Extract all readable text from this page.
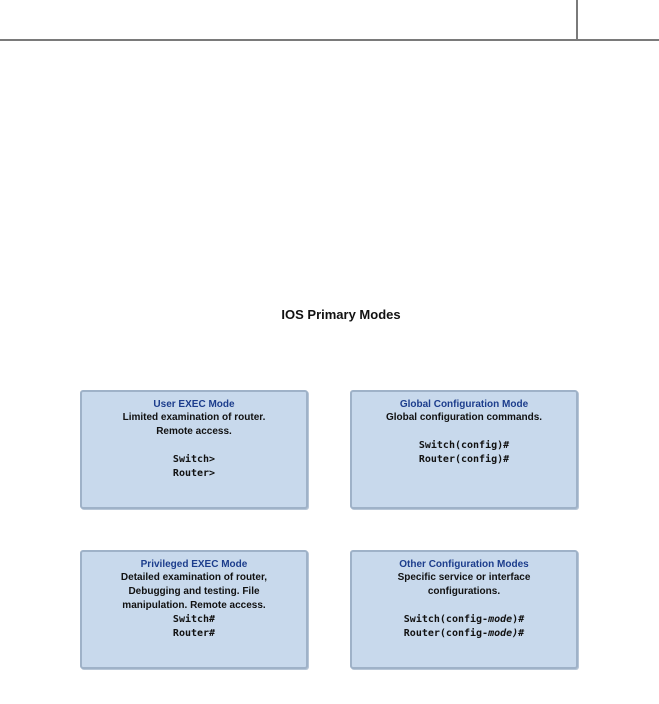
IOS Primary Modes
User EXEC Mode
Limited examination of router.
Remote access.
Switch>
Router>
Global Configuration Mode
Global configuration commands.
Switch(config)#
Router(config)#
Privileged EXEC Mode
Detailed examination of router,
Debugging and testing. File
manipulation. Remote access.
Switch#
Router#
Other Configuration Modes
Specific service or interface
configurations.
Switch(config-mode)#
Router(config-mode)#
